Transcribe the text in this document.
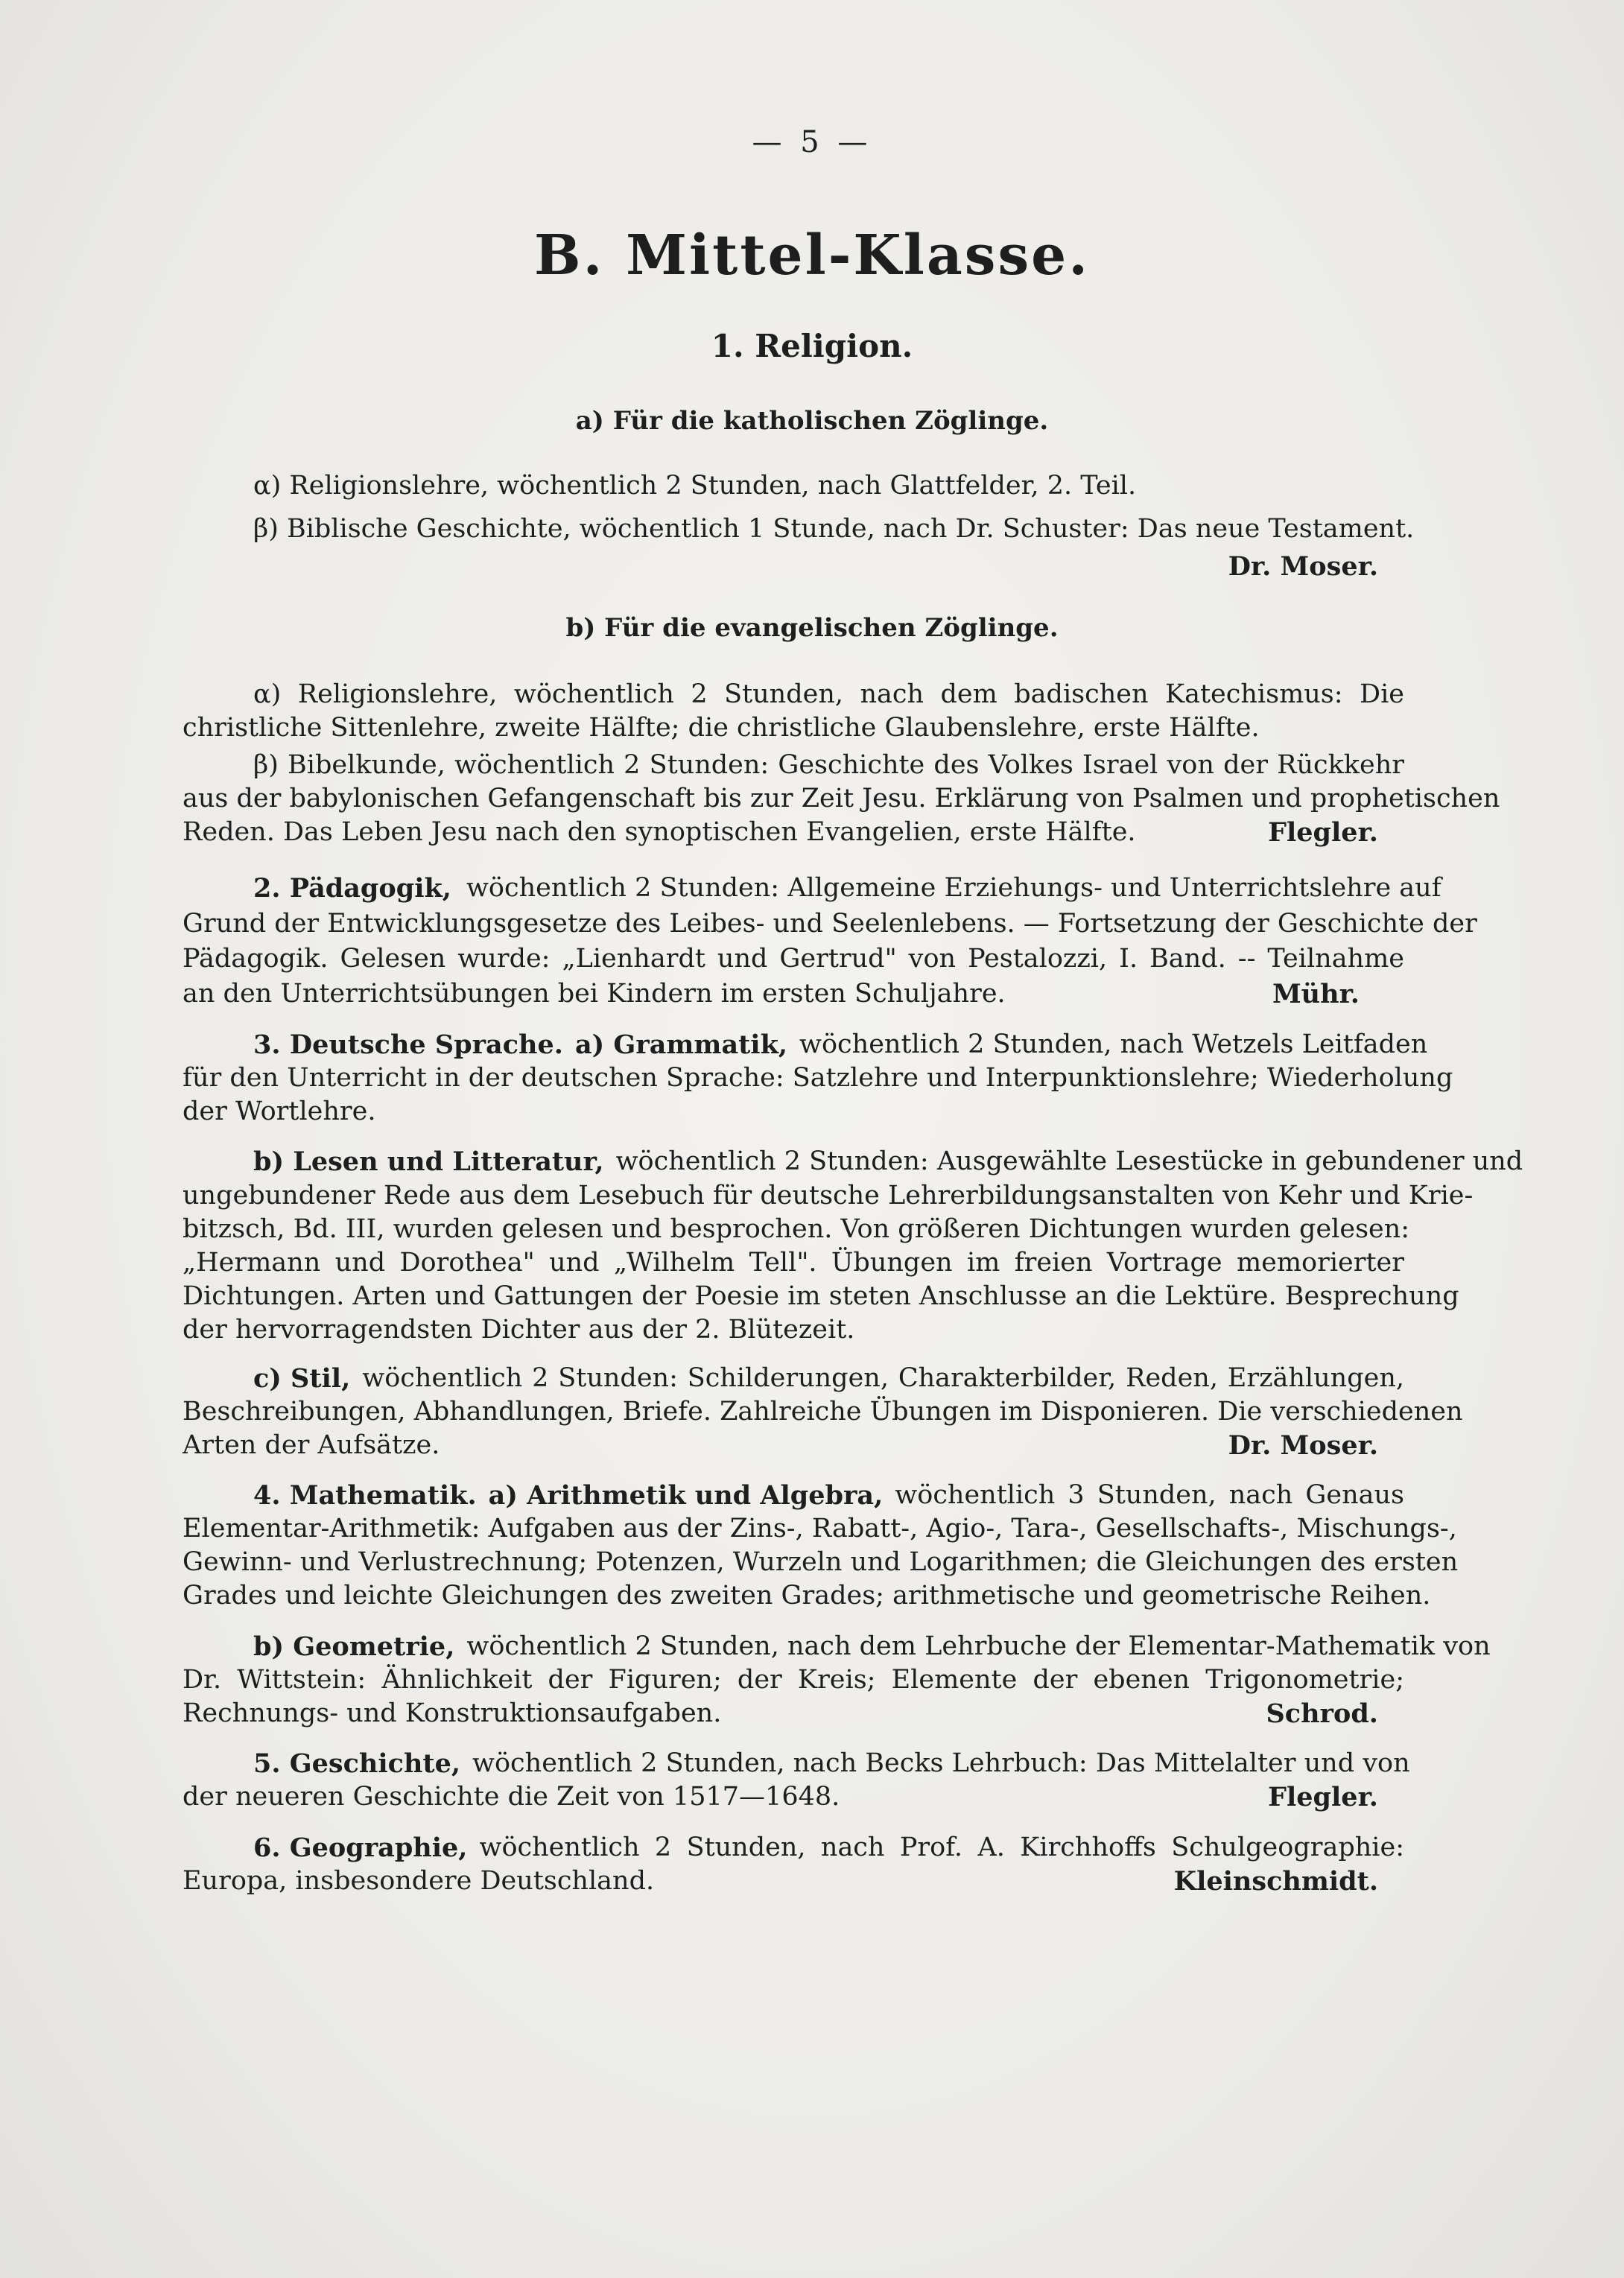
— 5 —
B. Mittel-Klasse.
1. Religion.
a) Für die katholischen Zöglinge.
α) Religionslehre, wöchentlich 2 Stunden, nach Glattfelder, 2. Teil.
β) Biblische Geschichte, wöchentlich 1 Stunde, nach Dr. Schuster: Das neue Testament.
Dr. Moser.
b) Für die evangelischen Zöglinge.
α) Religionslehre, wöchentlich 2 Stunden, nach dem badischen Katechismus: Die
christliche Sittenlehre, zweite Hälfte; die christliche Glaubenslehre, erste Hälfte.
β) Bibelkunde, wöchentlich 2 Stunden: Geschichte des Volkes Israel von der Rückkehr
aus der babylonischen Gefangenschaft bis zur Zeit Jesu. Erklärung von Psalmen und prophetischen
Reden. Das Leben Jesu nach den synoptischen Evangelien, erste Hälfte.	Flegler.
2. Pädagogik, wöchentlich 2 Stunden: Allgemeine Erziehungs- und Unterrichtslehre auf
Grund der Entwicklungsgesetze des Leibes- und Seelenlebens. — Fortsetzung der Geschichte der
Pädagogik. Gelesen wurde: „Lienhardt und Gertrud" von Pestalozzi, I. Band. -- Teilnahme
an den Unterrichtsübungen bei Kindern im ersten Schuljahre.	Mühr.
3. Deutsche Sprache. a) Grammatik, wöchentlich 2 Stunden, nach Wetzels Leitfaden
für den Unterricht in der deutschen Sprache: Satzlehre und Interpunktionslehre; Wiederholung
der Wortlehre.
b) Lesen und Litteratur, wöchentlich 2 Stunden: Ausgewählte Lesestücke in gebundener und
ungebundener Rede aus dem Lesebuch für deutsche Lehrerbildungsanstalten von Kehr und Krie-
bitzsch, Bd. III, wurden gelesen und besprochen. Von größeren Dichtungen wurden gelesen:
„Hermann und Dorothea" und „Wilhelm Tell". Übungen im freien Vortrage memorierter
Dichtungen. Arten und Gattungen der Poesie im steten Anschlusse an die Lektüre. Besprechung
der hervorragendsten Dichter aus der 2. Blütezeit.
c) Stil, wöchentlich 2 Stunden: Schilderungen, Charakterbilder, Reden, Erzählungen,
Beschreibungen, Abhandlungen, Briefe. Zahlreiche Übungen im Disponieren. Die verschiedenen
Arten der Aufsätze.	Dr. Moser.
4. Mathematik. a) Arithmetik und Algebra, wöchentlich 3 Stunden, nach Genaus
Elementar-Arithmetik: Aufgaben aus der Zins-, Rabatt-, Agio-, Tara-, Gesellschafts-, Mischungs-,
Gewinn- und Verlustrechnung; Potenzen, Wurzeln und Logarithmen; die Gleichungen des ersten
Grades und leichte Gleichungen des zweiten Grades; arithmetische und geometrische Reihen.
b) Geometrie, wöchentlich 2 Stunden, nach dem Lehrbuche der Elementar-Mathematik von
Dr. Wittstein: Ähnlichkeit der Figuren; der Kreis; Elemente der ebenen Trigonometrie;
Rechnungs- und Konstruktionsaufgaben.	Schrod.
5. Geschichte, wöchentlich 2 Stunden, nach Becks Lehrbuch: Das Mittelalter und von
der neueren Geschichte die Zeit von 1517—1648.	Flegler.
6. Geographie, wöchentlich 2 Stunden, nach Prof. A. Kirchhoffs Schulgeographie:
Europa, insbesondere Deutschland.	Kleinschmidt.
